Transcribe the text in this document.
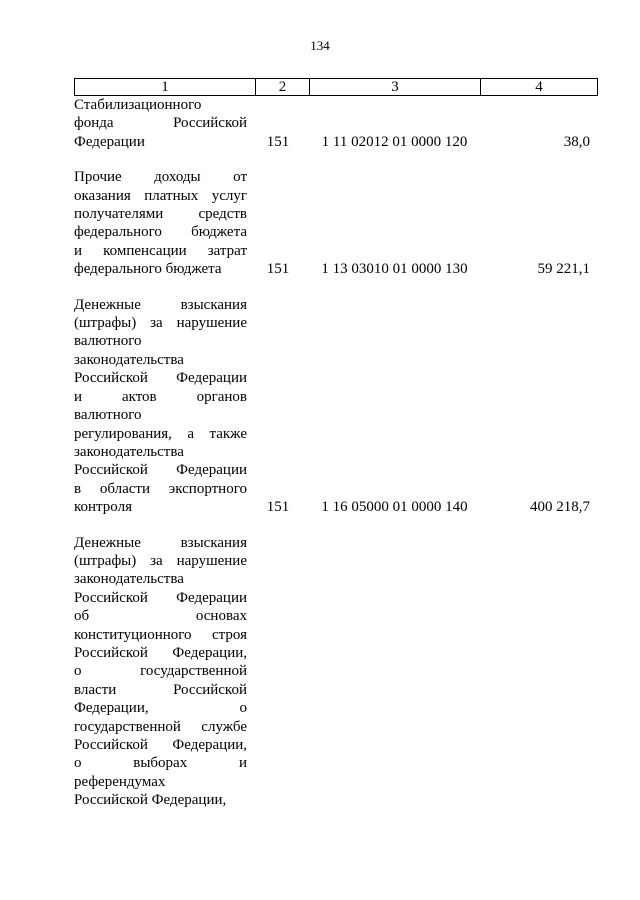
134
1	2	3	4
Стабилизационного
фонда Российской
Федерации	151	1 11 02012 01 0000 120	38,0
Прочие доходы от
оказания платных услуг
получателями средств
федерального бюджета
и компенсации затрат
федерального бюджета	151	1 13 03010 01 0000 130	59 221,1
Денежные взыскания
(штрафы) за нарушение
валютного
законодательства
Российской Федерации
и актов органов
валютного
регулирования, а также
законодательства
Российской Федерации
в области экспортного
контроля	151	1 16 05000 01 0000 140	400 218,7
Денежные взыскания
(штрафы) за нарушение
законодательства
Российской Федерации
об основах
конституционного строя
Российской Федерации,
о государственной
власти Российской
Федерации, о
государственной службе
Российской Федерации,
о выборах и
референдумах
Российской Федерации,
